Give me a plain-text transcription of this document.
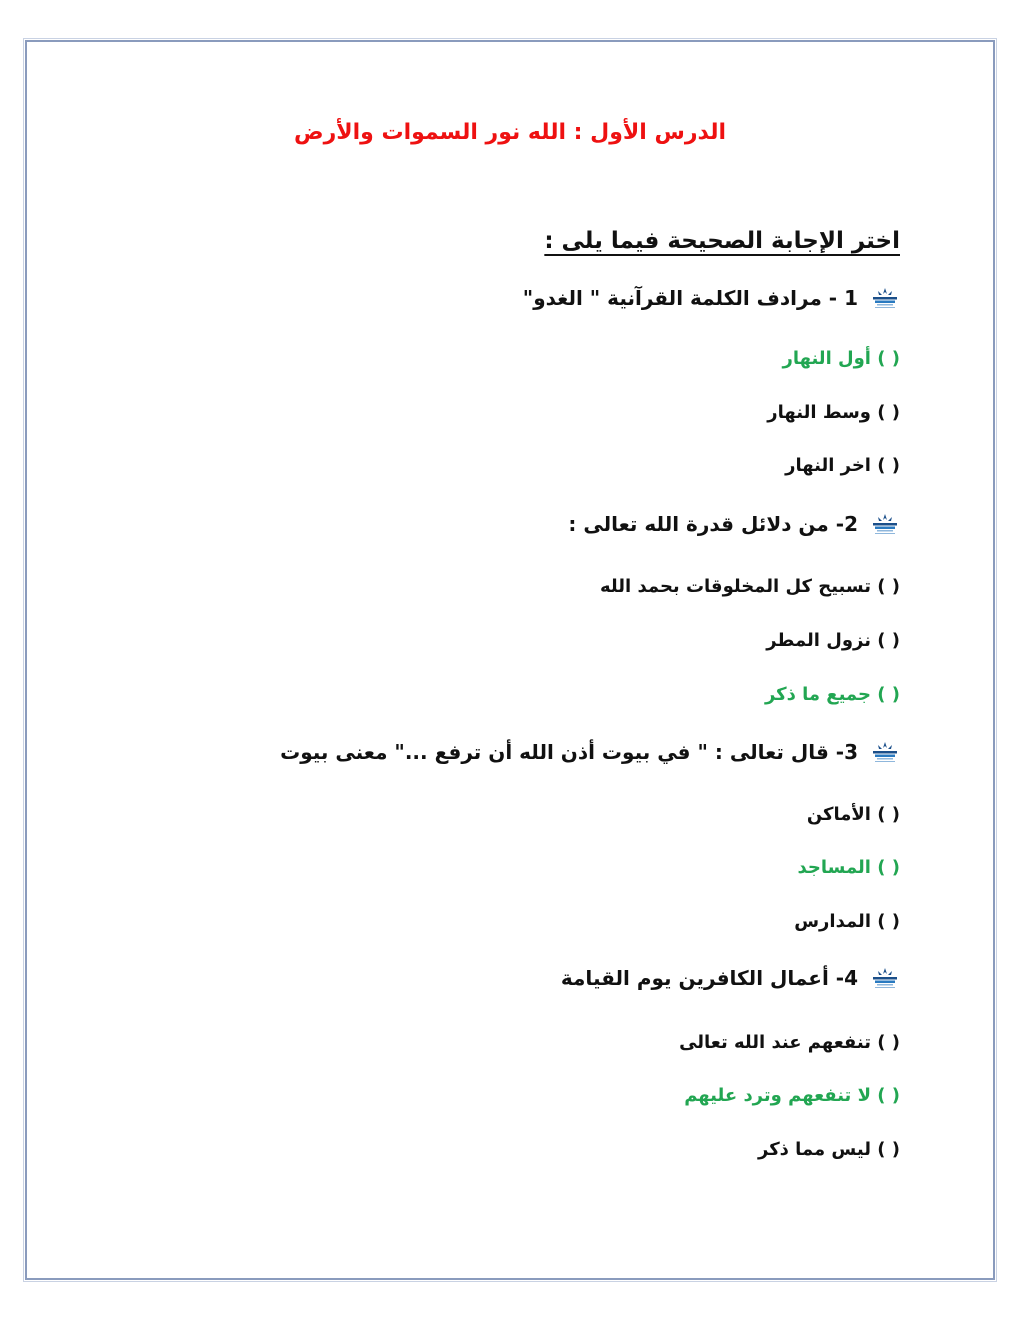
الدرس الأول : الله نور السموات والأرض
اختر الإجابة الصحيحة فيما يلى :
1 - مرادف الكلمة القرآنية " الغدو"
( ) أول النهار
( ) وسط النهار
( ) اخر النهار
2- من دلائل قدرة الله تعالى :
( ) تسبيح كل المخلوقات بحمد الله
( ) نزول المطر
( ) جميع ما ذكر
3- قال تعالى : " في بيوت أذن الله أن ترفع ..." معنى بيوت
( ) الأماكن
( ) المساجد
( ) المدارس
4- أعمال الكافرين يوم القيامة
( ) تنفعهم عند الله تعالى
( ) لا تنفعهم وترد عليهم
( ) ليس مما ذكر
